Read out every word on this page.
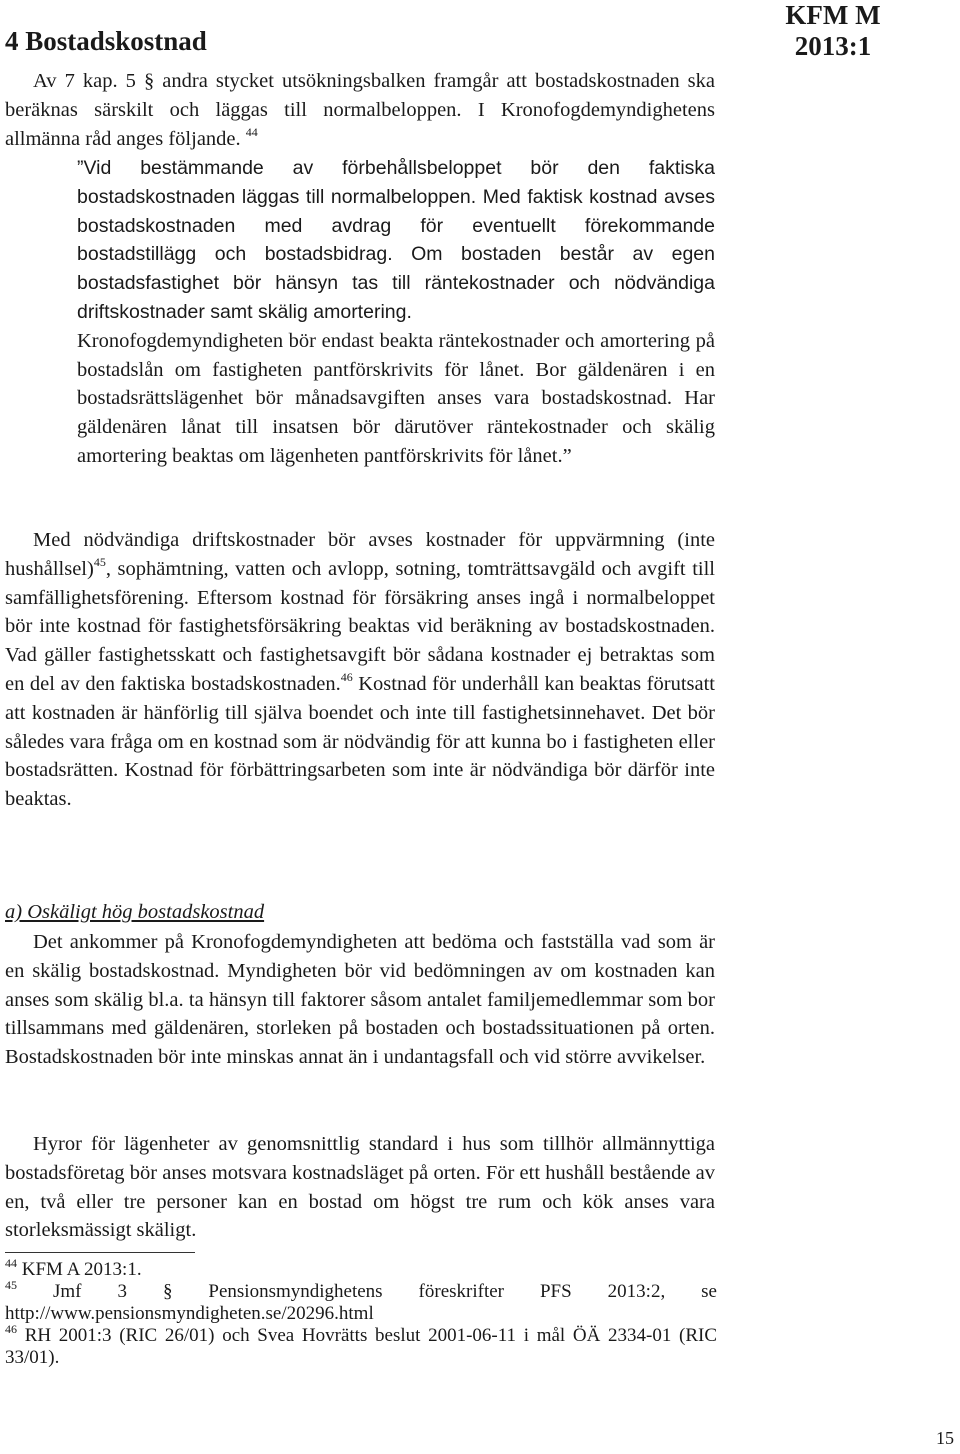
4 Bostadskostnad
KFM M
2013:1

Av 7 kap. 5 § andra stycket utsökningsbalken framgår att bostadskostnaden ska beräknas särskilt och läggas till normalbeloppen. I Kronofogdemyndighetens allmänna råd anges följande. $^{44}$

”Vid bestämmande av förbehållsbeloppet bör den faktiska bostadskostnaden läggas till normalbeloppen. Med faktisk kostnad avses bostadskostnaden med avdrag för eventuellt förekommande bostadstillägg och bostadsbidrag. Om bostaden består av egen bostadsfastighet bör hänsyn tas till räntekostnader och nödvändiga driftskostnader samt skälig amortering.

Kronofogdemyndigheten bör endast beakta räntekostnader och amortering på bostadslån om fastigheten pantförskrivits för lånet. Bor gäldenären i en bostadsrättslägenhet bör månadsavgiften anses vara bostadskostnad. Har gäldenären lånat till insatsen bör därutöver räntekostnader och skälig amortering beaktas om lägenheten pantförskrivits för lånet.”

Med nödvändiga driftskostnader bör avses kostnader för uppvärmning (inte hushållsel)$^{45}$, sophämtning, vatten och avlopp, sotning, tomträttsavgäld och avgift till samfällighetsförening. Eftersom kostnad för försäkring anses ingå i normalbeloppet bör inte kostnad för fastighetsförsäkring beaktas vid beräkning av bostadskostnaden. Vad gäller fastighetsskatt och fastighetsavgift bör sådana kostnader ej betraktas som en del av den faktiska bostadskostnaden.$^{46}$ Kostnad för underhåll kan beaktas förutsatt att kostnaden är hänförlig till själva boendet och inte till fastighetsinnehavet. Det bör således vara fråga om en kostnad som är nödvändig för att kunna bo i fastigheten eller bostadsrätten. Kostnad för förbättringsarbeten som inte är nödvändiga bör därför inte beaktas.

a) Oskäligt hög bostadskostnad

Det ankommer på Kronofogdemyndigheten att bedöma och fastställa vad som är en skälig bostadskostnad. Myndigheten bör vid bedömningen av om kostnaden kan anses som skälig bl.a. ta hänsyn till faktorer såsom antalet familjemedlemmar som bor tillsammans med gäldenären, storleken på bostaden och bostadssituationen på orten. Bostadskostnaden bör inte minskas annat än i undantagsfall och vid större avvikelser.

Hyror för lägenheter av genomsnittlig standard i hus som tillhör allmännyttiga bostadsföretag bör anses motsvara kostnadsläget på orten. För ett hushåll bestående av en, två eller tre personer kan en bostad om högst tre rum och kök anses vara storleksmässigt skäligt.

$^{44}$ KFM A 2013:1.
$^{45}$ Jmf 3 § Pensionsmyndighetens föreskrifter PFS 2013:2, se http://www.pensionsmyndigheten.se/20296.html
$^{46}$ RH 2001:3 (RIC 26/01) och Svea Hovrätts beslut 2001-06-11 i mål ÖÄ 2334-01 (RIC 33/01).
15
